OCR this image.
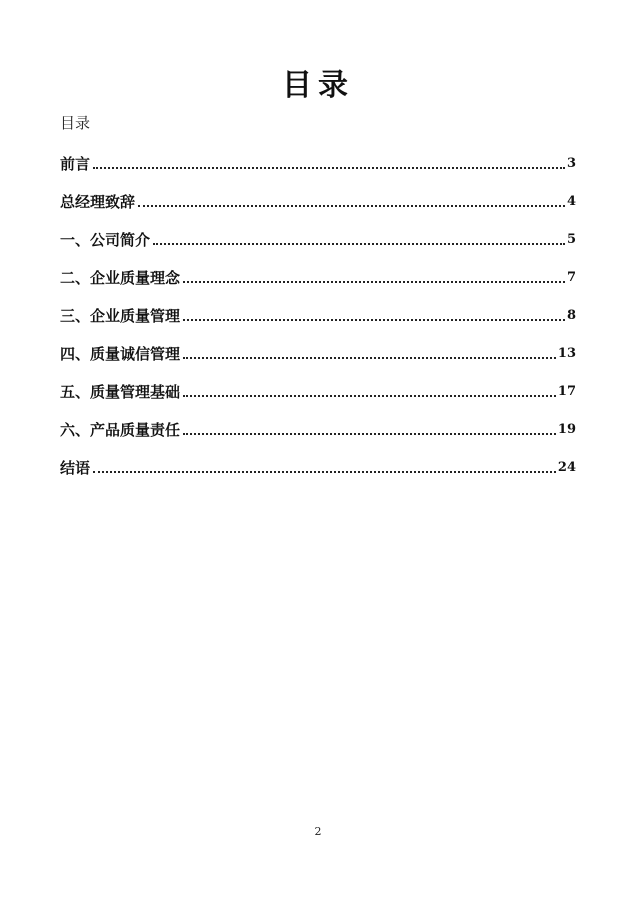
目录
目录
前言	3
总经理致辞	4
一、公司简介	5
二、企业质量理念	7
三、企业质量管理	8
四、质量诚信管理	13
五、质量管理基础	17
六、产品质量责任	19
结语	24
2
